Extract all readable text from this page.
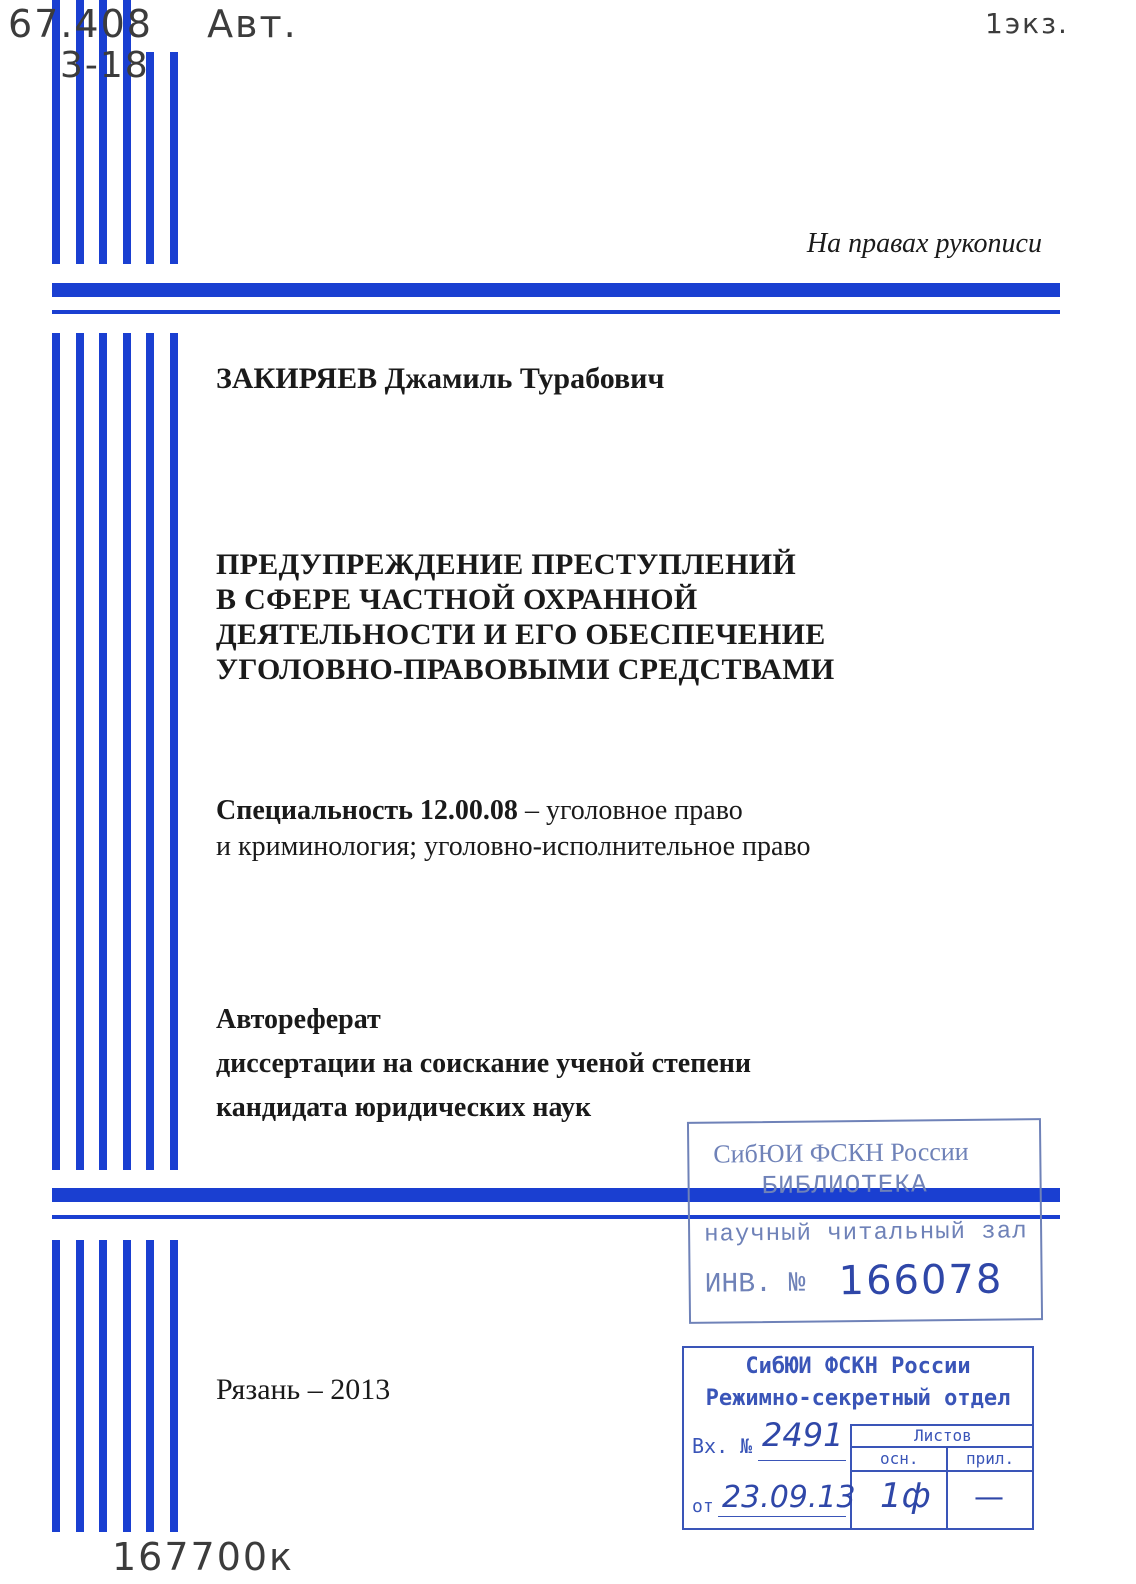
67.408 Авт.
3-18
1экз.
167700к
На правах рукописи
ЗАКИРЯЕВ Джамиль Турабович
ПРЕДУПРЕЖДЕНИЕ ПРЕСТУПЛЕНИЙ
В СФЕРЕ ЧАСТНОЙ ОХРАННОЙ
ДЕЯТЕЛЬНОСТИ И ЕГО ОБЕСПЕЧЕНИЕ
УГОЛОВНО-ПРАВОВЫМИ СРЕДСТВАМИ
Специальность 12.00.08 – уголовное право
и криминология; уголовно-исполнительное право
Автореферат
диссертации на соискание ученой степени
кандидата юридических наук
Рязань – 2013
СибЮИ ФСКН России
БИБЛИОТЕКА
научный читальный зал
ИНВ. № 166078
СибЮИ ФСКН России
Режимно-секретный отдел
Листов
осн.	прил.
Вх. № 2491
от 23.09.13 1ф —
